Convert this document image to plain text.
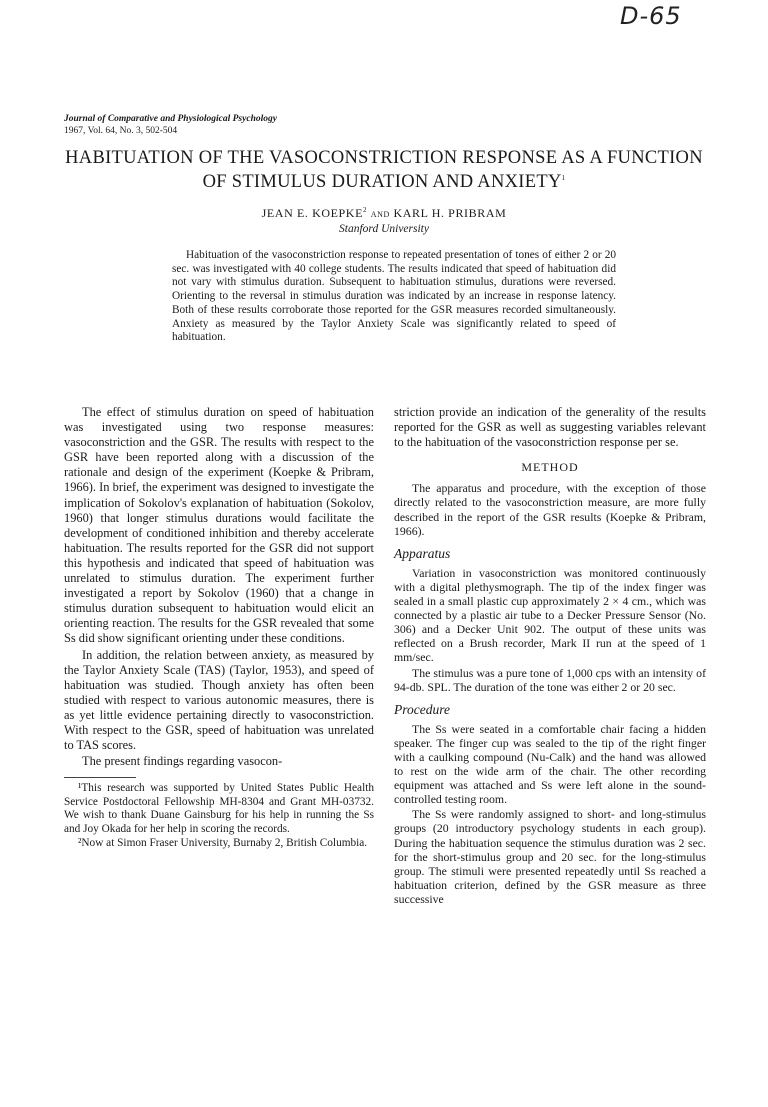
D-65
Journal of Comparative and Physiological Psychology
1967, Vol. 64, No. 3, 502-504
HABITUATION OF THE VASOCONSTRICTION RESPONSE AS A FUNCTION OF STIMULUS DURATION AND ANXIETY$^1$
JEAN E. KOEPKE$^2$ AND KARL H. PRIBRAM
Stanford University

Habituation of the vasoconstriction response to repeated presentation of tones of either 2 or 20 sec. was investigated with 40 college students. The results indicated that speed of habituation did not vary with stimulus duration. Subsequent to habituation stimulus, durations were reversed. Orienting to the reversal in stimulus duration was indicated by an increase in response latency. Both of these results corroborate those reported for the GSR measures recorded simultaneously. Anxiety as measured by the Taylor Anxiety Scale was significantly related to speed of habituation.

The effect of stimulus duration on speed of habituation was investigated using two response measures: vasoconstriction and the GSR. The results with respect to the GSR have been reported along with a discussion of the rationale and design of the experiment (Koepke & Pribram, 1966). In brief, the experiment was designed to investigate the implication of Sokolov's explanation of habituation (Sokolov, 1960) that longer stimulus durations would facilitate the development of conditioned inhibition and thereby accelerate habituation. The results reported for the GSR did not support this hypothesis and indicated that speed of habituation was unrelated to stimulus duration. The experiment further investigated a report by Sokolov (1960) that a change in stimulus duration subsequent to habituation would elicit an orienting reaction. The results for the GSR revealed that some Ss did show significant orienting under these conditions.

In addition, the relation between anxiety, as measured by the Taylor Anxiety Scale (TAS) (Taylor, 1953), and speed of habituation was studied. Though anxiety has often been studied with respect to various autonomic measures, there is as yet little evidence pertaining directly to vasoconstriction. With respect to the GSR, speed of habituation was unrelated to TAS scores.

The present findings regarding vasocon-

¹This research was supported by United States Public Health Service Postdoctoral Fellowship MH-8304 and Grant MH-03732. We wish to thank Duane Gainsburg for his help in running the Ss and Joy Okada for her help in scoring the records.

²Now at Simon Fraser University, Burnaby 2, British Columbia.

striction provide an indication of the generality of the results reported for the GSR as well as suggesting variables relevant to the habituation of the vasoconstriction response per se.

METHOD

The apparatus and procedure, with the exception of those directly related to the vasoconstriction measure, are more fully described in the report of the GSR results (Koepke & Pribram, 1966).

Apparatus

Variation in vasoconstriction was monitored continuously with a digital plethysmograph. The tip of the index finger was sealed in a small plastic cup approximately 2 × 4 cm., which was connected by a plastic air tube to a Decker Pressure Sensor (No. 306) and a Decker Unit 902. The output of these units was reflected on a Brush recorder, Mark II run at the speed of 1 mm/sec.

The stimulus was a pure tone of 1,000 cps with an intensity of 94-db. SPL. The duration of the tone was either 2 or 20 sec.

Procedure

The Ss were seated in a comfortable chair facing a hidden speaker. The finger cup was sealed to the tip of the right finger with a caulking compound (Nu-Calk) and the hand was allowed to rest on the wide arm of the chair. The other recording equipment was attached and Ss were left alone in the sound-controlled testing room.

The Ss were randomly assigned to short- and long-stimulus groups (20 introductory psychology students in each group). During the habituation sequence the stimulus duration was 2 sec. for the short-stimulus group and 20 sec. for the long-stimulus group. The stimuli were presented repeatedly until Ss reached a habituation criterion, defined by the GSR measure as three successive
